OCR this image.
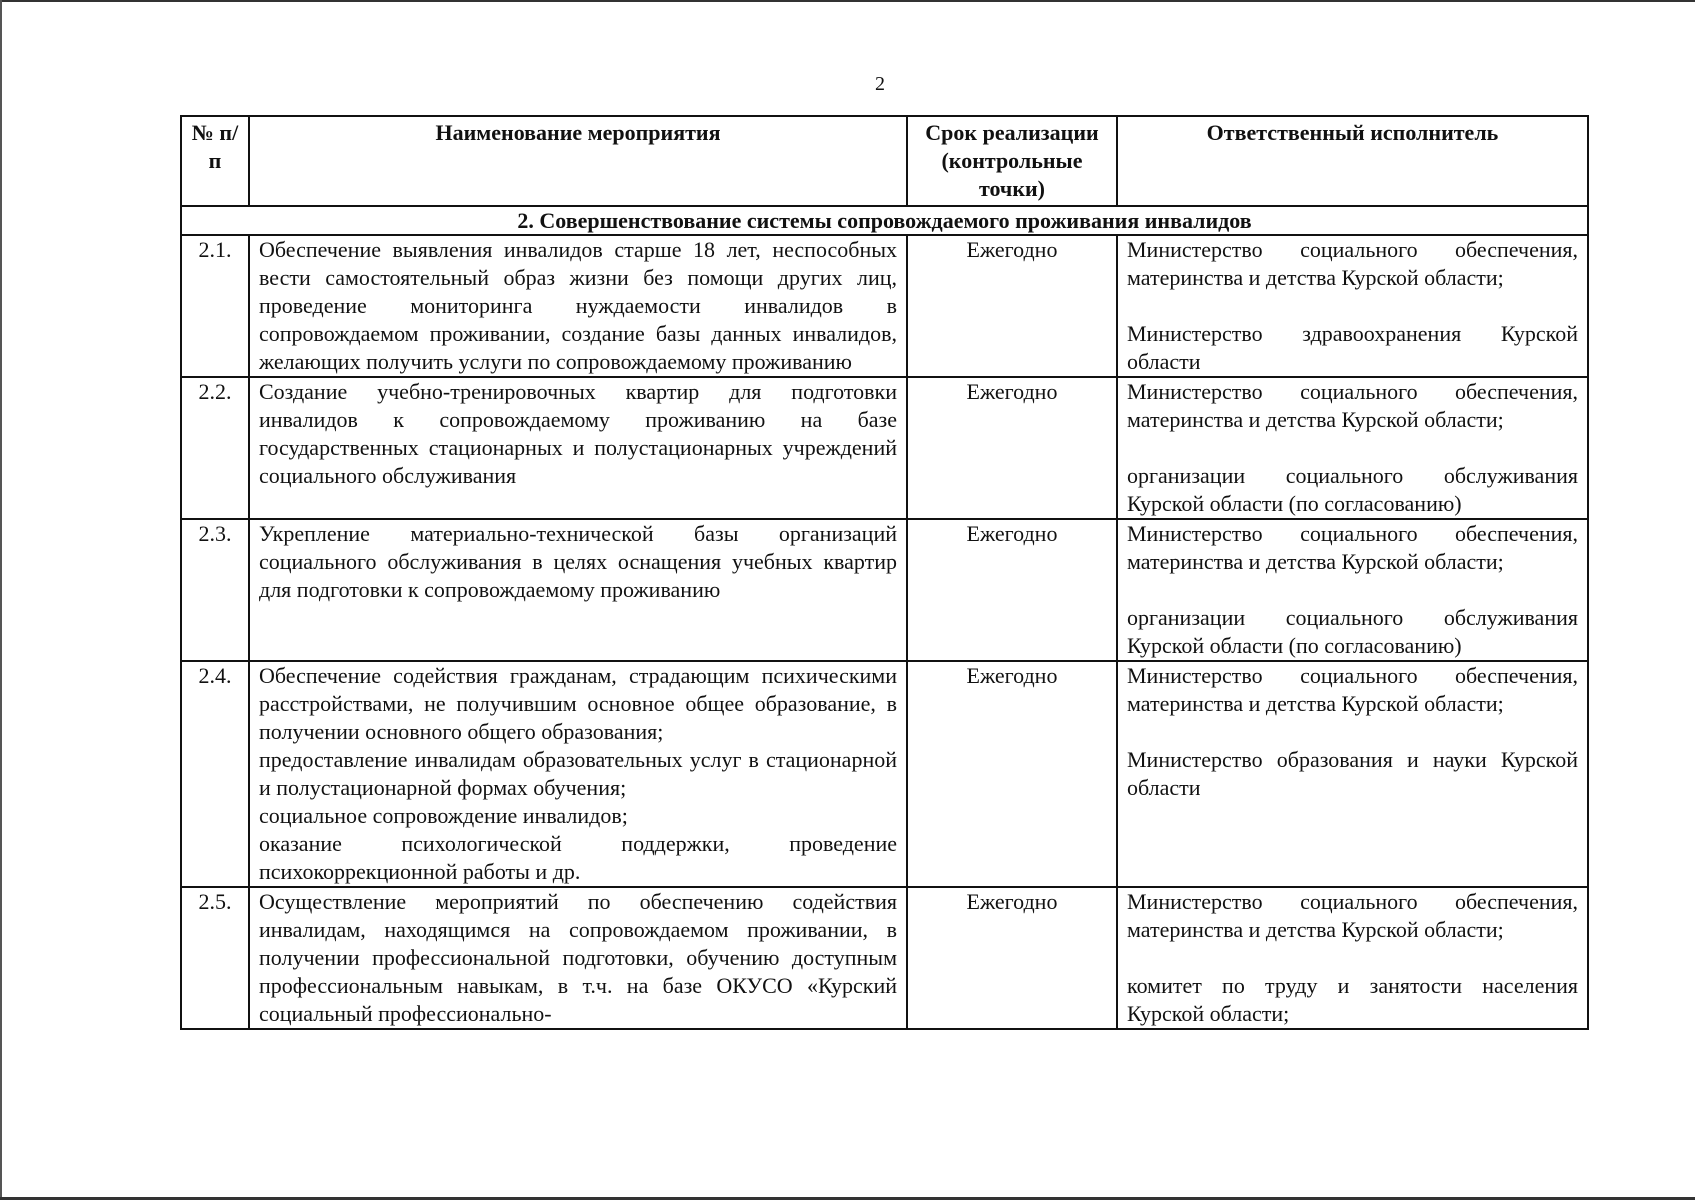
2
№ п/п	Наименование мероприятия	Срок реализации (контрольные точки)	Ответственный исполнитель
2. Совершенствование системы сопровождаемого проживания инвалидов			
2.1.	Обеспечение выявления инвалидов старше 18 лет, неспособных вести самостоятельный образ жизни без помощи других лиц, проведение мониторинга нуждаемости инвалидов в сопровождаемом проживании, создание базы данных инвалидов, желающих получить услуги по сопровождаемому проживанию	Ежегодно	Министерство социального обеспечения, материнства и детства Курской области;
Министерство здравоохранения Курской области

2.2.	Создание учебно-тренировочных квартир для подготовки инвалидов к сопровождаемому проживанию на базе государственных стационарных и полустационарных учреждений социального обслуживания	Ежегодно	Министерство социального обеспечения, материнства и детства Курской области;
организации социального обслуживания Курской области (по согласованию)

2.3.	Укрепление материально-технической базы организаций социального обслуживания в целях оснащения учебных квартир для подготовки к сопровождаемому проживанию	Ежегодно	Министерство социального обеспечения, материнства и детства Курской области;
организации социального обслуживания Курской области (по согласованию)

2.4.	Обеспечение содействия гражданам, страдающим психическими расстройствами, не получившим основное общее образование, в получении основного общего образования;
предоставление инвалидам образовательных услуг в стационарной и полустационарной формах обучения;
социальное сопровождение инвалидов;
оказание психологической поддержки, проведение психокоррекционной работы и др.	Ежегодно	Министерство социального обеспечения, материнства и детства Курской области;
Министерство образования и науки Курской области

2.5.	Осуществление мероприятий по обеспечению содействия инвалидам, находящимся на сопровождаемом проживании, в получении профессиональной подготовки, обучению доступным профессиональным навыкам, в т.ч. на базе ОКУСО «Курский социальный профессионально-	Ежегодно	Министерство социального обеспечения, материнства и детства Курской области;
комитет по труду и занятости населения Курской области;
